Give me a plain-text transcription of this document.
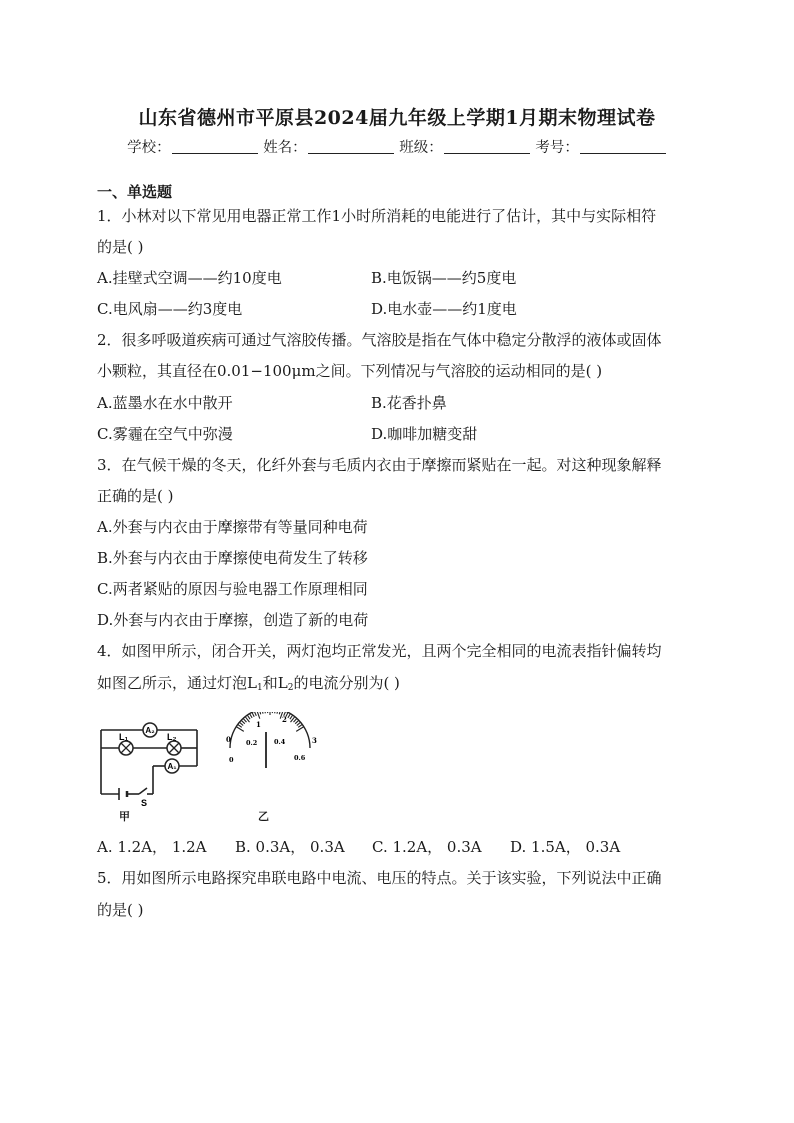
山东省德州市平原县2024届九年级上学期1月期末物理试卷
学校：	姓名：	班级：	考号：
一、单选题
1．小林对以下常见用电器正常工作1小时所消耗的电能进行了估计，其中与实际相符
的是( )
A.挂壁式空调——约10度电	B.电饭锅——约5度电
C.电风扇——约3度电	D.电水壶——约1度电
2．很多呼吸道疾病可通过气溶胶传播。气溶胶是指在气体中稳定分散浮的液体或固体
小颗粒，其直径在0.01−100μm之间。下列情况与气溶胶的运动相同的是( )
A.蓝墨水在水中散开	B.花香扑鼻
C.雾霾在空气中弥漫	D.咖啡加糖变甜
3．在气候干燥的冬天，化纤外套与毛质内衣由于摩擦而紧贴在一起。对这种现象解释
正确的是( )
A.外套与内衣由于摩擦带有等量同种电荷
B.外套与内衣由于摩擦使电荷发生了转移
C.两者紧贴的原因与验电器工作原理相同
D.外套与内衣由于摩擦，创造了新的电荷
4．如图甲所示，闭合开关，两灯泡均正常发光，且两个完全相同的电流表指针偏转均
如图乙所示，通过灯泡$L_1$和$L_2$的电流分别为( )
A₂
A₁
L₁	L₂
S
甲
0
1
2
3
0
0.2	0.4
0.6
乙
A. 1.2A， 1.2A B. 0.3A， 0.3A C. 1.2A， 0.3A D. 1.5A， 0.3A
5．用如图所示电路探究串联电路中电流、电压的特点。关于该实验，下列说法中正确
的是( )
